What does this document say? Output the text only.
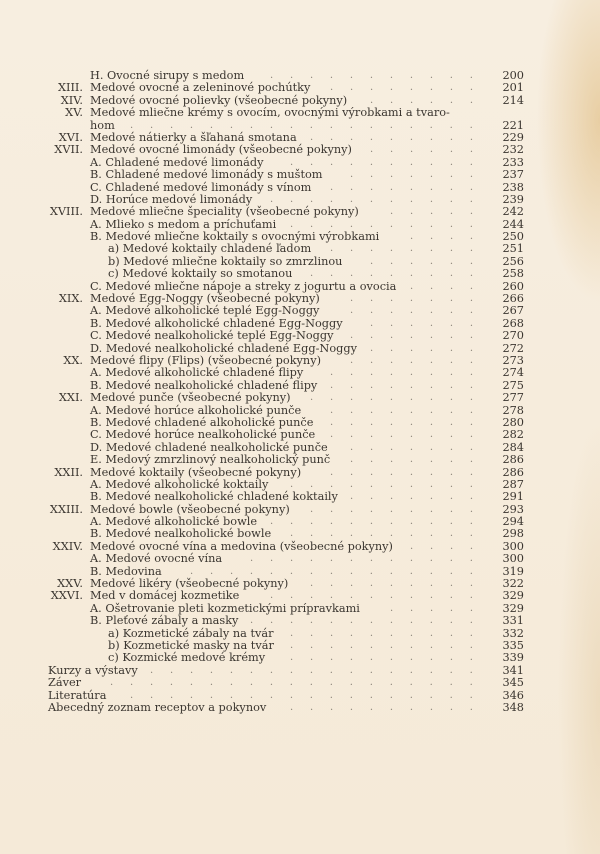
H. Ovocné sirupy s medom	........... 200
XIII. Medové ovocné a zeleninové pochútky ........ 201
XIV. Medové ovocné polievky (všeobecné pokyny) ...... 214
XV. Medové mliečne krémy s ovocím, ovocnými výrobkami a tvaro-
hom .................. 221
XVI. Medové nátierky a šľahaná smotana ......... 229
XVII. Medové ovocné limonády (všeobecné pokyny) ...... 232
A. Chladené medové limonády	.......... 233
B. Chladené medové limonády s muštom	....... 237
C. Chladené medové limonády s vínom ........ 238
D. Horúce medové limonády ........... 239
XVIII. Medové mliečne špeciality (všeobecné pokyny)	..... 242
A. Mlieko s medom a príchuťami .......... 244
B. Medové mliečne koktaily s ovocnými výrobkami	.... 250
a) Medové koktaily chladené ľadom ........ 251
b) Medové mliečne koktaily so zmrzlinou	...... 256
c) Medové koktaily so smotanou ......... 258
C. Medové mliečne nápoje a streky z jogurtu a ovocia .... 260
XIX. Medové Egg-Noggy (všeobecné pokyny)	....... 266
A. Medové alkoholické teplé Egg-Noggy	....... 267
B. Medové alkoholické chladené Egg-Noggy	...... 268
C. Medové nealkoholické teplé Egg-Noggy ....... 270
D. Medové nealkoholické chladené Egg-Noggy ...... 272
XX. Medové flipy (Flips) (všeobecné pokyny)	....... 273
A. Medové alkoholické chladené flipy	........ 274
B. Medové nealkoholické chladené flipy ........ 275
XXI. Medové punče (všeobecné pokyny) ......... 277
A. Medové horúce alkoholické punče	........ 278
B. Medové chladené alkoholické punče ........ 280
C. Medové horúce nealkoholické punče ........ 282
D. Medové chladené nealkoholické punče ....... 284
E. Medový zmrzlinový nealkoholický punč ....... 286
XXII. Medové koktaily (všeobecné pokyny)	........ 286
A. Medové alkoholické koktaily .......... 287
B. Medové nealkoholické chladené koktaily ....... 291
XXIII. Medové bowle (všeobecné pokyny) ......... 293
A. Medové alkoholické bowle ........... 294
B. Medové nealkoholické bowle .......... 298
XXIV. Medové ovocné vína a medovina (všeobecné pokyny) .... 300
A. Medové ovocné vína	............ 300
B. Medovina	............... 319
XXV. Medové likéry (všeobecné pokyny) ......... 322
XXVI. Med v domácej kozmetike	........... 329
A. Ošetrovanie pleti kozmetickými prípravkami	..... 329
B. Pleťové zábaly a masky ............ 331
a) Kozmetické zábaly na tvár .......... 332
b) Kozmetické masky na tvár .......... 335
c) Kozmické medové krémy .......... 339
Kurzy a výstavy ................. 341
Záver	................... 345
Literatúra .................. 346
Abecedný zoznam receptov a pokynov .......... 348
